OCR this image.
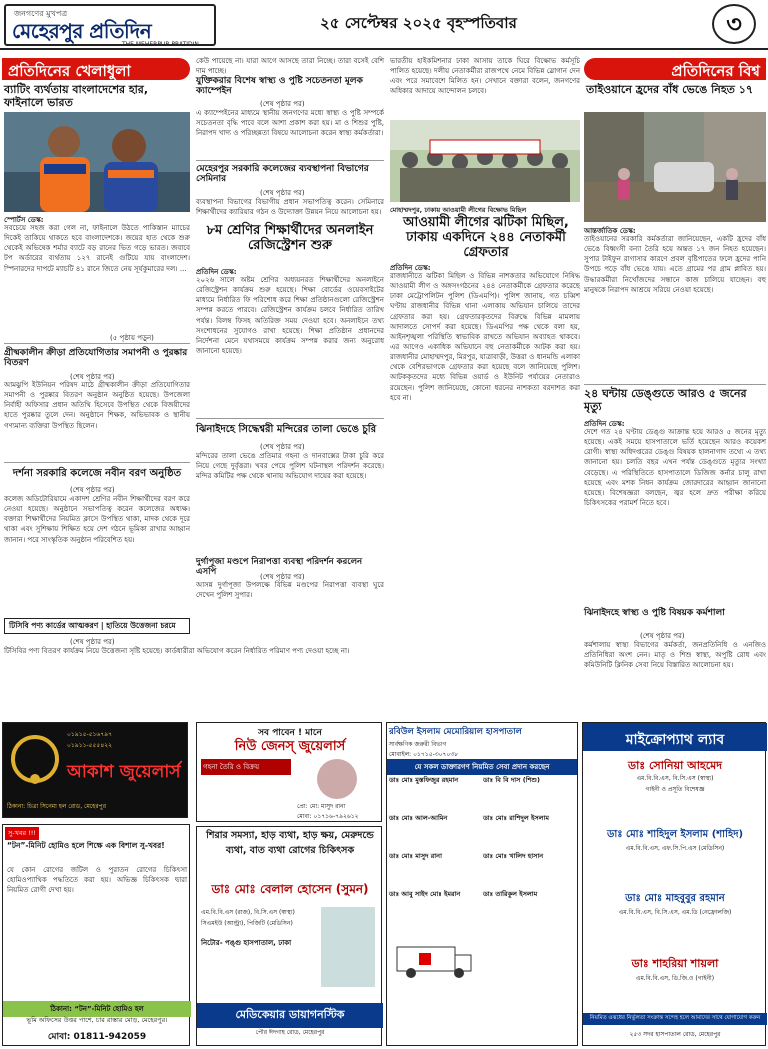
জনগণের মুখপত্র
মেহেরপুর প্রতিদিন
THE MEHERPUR PRATIDIN
২৫ সেপ্টেম্বর ২০২৫ বৃহস্পতিবার	৩
প্রতিদিনের খেলাধুলা
ব্যাটিং ব্যর্থতায় বাংলাদেশের হার, ফাইনালে ভারত
স্পোর্টস ডেস্ক:
সবচেয়ে সহজ করা গেল না, ফাইনালে উঠতে পাকিস্তান ম্যাচের দিকেই তাকিয়ে থাকতে হবে বাংলাদেশকে। জয়ের হাত থেকে শুরু থেকেই অভিষেক শর্মার ব্যাটে বড় রানের ভিত গড়ে ভারত। জবাবে টপ অর্ডারের ব্যর্থতায় ১২৭ রানেই গুটিয়ে যায় বাংলাদেশ। স্পিনারদের দাপটে ম্যাচটি ৪১ রানে জিতে নেয় সূর্যকুমারের দল। ...
(৫ পৃষ্ঠায় পড়ুন)
গ্রীষ্মকালীন ক্রীড়া প্রতিযোগিতার সমাপনী ও পুরষ্কার বিতরণ
(শেষ পৃষ্ঠার পর)
আমঝুপি ইউনিয়ন পরিষদ মাঠে গ্রীষ্মকালীন ক্রীড়া প্রতিযোগিতার সমাপনী ও পুরষ্কার বিতরণ অনুষ্ঠান অনুষ্ঠিত হয়েছে। উপজেলা নির্বাহী অফিসার প্রধান অতিথি হিসেবে উপস্থিত থেকে বিজয়ীদের হাতে পুরষ্কার তুলে দেন। অনুষ্ঠানে শিক্ষক, অভিভাবক ও স্থানীয় গণ্যমান্য ব্যক্তিরা উপস্থিত ছিলেন।
দর্শনা সরকারি কলেজে নবীন বরণ অনুষ্ঠিত
(শেষ পৃষ্ঠার পর)
কলেজ অডিটোরিয়ামে একাদশ শ্রেণির নবীন শিক্ষার্থীদের বরণ করে নেওয়া হয়েছে। অনুষ্ঠানে সভাপতিত্ব করেন কলেজের অধ্যক্ষ। বক্তারা শিক্ষার্থীদের নিয়মিত ক্লাসে উপস্থিত থাকা, মাদক থেকে দূরে থাকা এবং সুশিক্ষায় শিক্ষিত হয়ে দেশ গঠনে ভূমিকা রাখার আহ্বান জানান। পরে সাংস্কৃতিক অনুষ্ঠান পরিবেশিত হয়।
কেউ পায়েছে না। যারা আগে আসছে তারা নিচ্ছে। তারা বসেই বেশি দাম পাচ্ছে।
যুক্তিকরার বিশেষ স্বাস্থ্য ও পুষ্টি সচেতনতা মূলক ক্যাম্পেইন
(শেষ পৃষ্ঠার পর)
এ ক্যাম্পেইনের মাধ্যমে স্থানীয় জনগণের মধ্যে স্বাস্থ্য ও পুষ্টি সম্পর্কে সচেতনতা বৃদ্ধি পাবে বলে আশা প্রকাশ করা হয়। মা ও শিশুর পুষ্টি, নিরাপদ খাদ্য ও পরিচ্ছন্নতা বিষয়ে আলোচনা করেন স্বাস্থ্য কর্মকর্তারা।
মেহেরপুর সরকারি কলেজের ব্যবস্থাপনা বিভাগের সেমিনার
(শেষ পৃষ্ঠার পর)
ব্যবস্থাপনা বিভাগের বিভাগীয় প্রধান সভাপতিত্ব করেন। সেমিনারে শিক্ষার্থীদের ক্যারিয়ার গঠন ও উদ্যোক্তা উন্নয়ন নিয়ে আলোচনা হয়।
৮ম শ্রেণির শিক্ষার্থীদের অনলাইন রেজিস্ট্রেশন শুরু
প্রতিদিন ডেস্ক:
২০২৬ সালে অষ্টম শ্রেণির অধ্যয়নরত শিক্ষার্থীদের অনলাইনে রেজিস্ট্রেশন কার্যক্রম শুরু হয়েছে। শিক্ষা বোর্ডের ওয়েবসাইটের মাধ্যমে নির্ধারিত ফি পরিশোধ করে শিক্ষা প্রতিষ্ঠানগুলো রেজিস্ট্রেশন সম্পন্ন করতে পারবে। রেজিস্ট্রেশন কার্যক্রম চলবে নির্ধারিত তারিখ পর্যন্ত। বিলম্ব ফিসহ অতিরিক্ত সময় দেওয়া হবে। অনলাইনে তথ্য সংশোধনের সুযোগও রাখা হয়েছে। শিক্ষা প্রতিষ্ঠান প্রধানদের নির্দেশনা মেনে যথাসময়ে কার্যক্রম সম্পন্ন করার জন্য অনুরোধ জানানো হয়েছে।
ঝিনাইদহে সিদ্ধেশ্বরী মন্দিরের তালা ভেঙে চুরি
(শেষ পৃষ্ঠার পর)
মন্দিরের তালা ভেঙে প্রতিমার গহনা ও দানবাক্সের টাকা চুরি করে নিয়ে গেছে দুর্বৃত্তরা। খবর পেয়ে পুলিশ ঘটনাস্থল পরিদর্শন করেছে। মন্দির কমিটির পক্ষ থেকে থানায় অভিযোগ দায়ের করা হয়েছে।
দুর্গাপূজা মণ্ডপে নিরাপত্তা ব্যবস্থা পরিদর্শন করলেন এসপি
(শেষ পৃষ্ঠার পর)
আসন্ন দুর্গাপূজা উপলক্ষে বিভিন্ন মণ্ডপের নিরাপত্তা ব্যবস্থা ঘুরে দেখেন পুলিশ সুপার।
টিসিবি পণ্য কার্ডের আত্মকরণ | হাতিয়ে উত্তেজনা চরমে
(শেষ পৃষ্ঠার পর)
টিসিবির পণ্য বিতরণ কার্যক্রম নিয়ে উত্তেজনা সৃষ্টি হয়েছে। কার্ডধারীরা অভিযোগ করেন নির্ধারিত পরিমাণ পণ্য দেওয়া হচ্ছে না।
ভারতীয় হাইকমিশনার ঢাকা আসায় তাকে ঘিরে বিক্ষোভ কর্মসূচি পালিত হয়েছে। দলীয় নেতাকর্মীরা রাজপথে নেমে বিভিন্ন স্লোগান দেন এবং পরে সমাবেশে মিলিত হন। সেখানে বক্তারা বলেন, জনগণের অধিকার আদায়ে আন্দোলন চলবে।
মোহাম্মদপুর, ঢাকায় আওয়ামী লীগের বিক্ষোভ মিছিল
আওয়ামী লীগের ঝটিকা মিছিল, ঢাকায় একদিনে ২৪৪ নেতাকর্মী গ্রেফতার
প্রতিদিন ডেস্ক:
রাজধানীতে ঝটিকা মিছিল ও বিভিন্ন নাশকতার অভিযোগে নিষিদ্ধ আওয়ামী লীগ ও অঙ্গসংগঠনের ২৪৪ নেতাকর্মীকে গ্রেফতার করেছে ঢাকা মেট্রোপলিটন পুলিশ (ডিএমপি)। পুলিশ জানায়, গত চব্বিশ ঘণ্টায় রাজধানীর বিভিন্ন থানা এলাকায় অভিযান চালিয়ে তাদের গ্রেফতার করা হয়। গ্রেফতারকৃতদের বিরুদ্ধে বিভিন্ন মামলায় আদালতে সোপর্দ করা হয়েছে। ডিএমপির পক্ষ থেকে বলা হয়, আইনশৃঙ্খলা পরিস্থিতি স্বাভাবিক রাখতে অভিযান অব্যাহত থাকবে। এর আগেও একাধিক অভিযানে বহু নেতাকর্মীকে আটক করা হয়। রাজধানীর মোহাম্মদপুর, মিরপুর, যাত্রাবাড়ী, উত্তরা ও ধানমন্ডি এলাকা থেকে বেশিরভাগকে গ্রেফতার করা হয়েছে বলে জানিয়েছে পুলিশ। আটককৃতদের মধ্যে বিভিন্ন ওয়ার্ড ও ইউনিট পর্যায়ের নেতারাও রয়েছেন। পুলিশ জানিয়েছে, কোনো ধরনের নাশকতা বরদাশত করা হবে না।
প্রতিদিনের বিশ্ব
তাইওয়ানে হ্রদের বাঁধ ভেঙে নিহত ১৭
আন্তর্জাতিক ডেস্ক:
তাইওয়ানের সরকারি কর্মকর্তারা জানিয়েছেন, একটি হ্রদের বাঁধ ভেঙে বিধ্বংসী বন্যা তৈরি হয়ে অন্তত ১৭ জন নিহত হয়েছেন। সুপার টাইফুন রাগাসার কারণে প্রবল বৃষ্টিপাতের ফলে হ্রদের পানি উপচে পড়ে বাঁধ ভেঙে যায়। এতে গ্রামের পর গ্রাম প্লাবিত হয়। উদ্ধারকর্মীরা নিখোঁজদের সন্ধানে কাজ চালিয়ে যাচ্ছেন। বহু মানুষকে নিরাপদ আশ্রয়ে সরিয়ে নেওয়া হয়েছে।
২৪ ঘন্টায় ডেঙ্গুতে আরও ৫ জনের মৃত্যু
প্রতিদিন ডেস্ক:
দেশে গত ২৪ ঘণ্টায় ডেঙ্গু আক্রান্ত হয়ে আরও ৫ জনের মৃত্যু হয়েছে। একই সময়ে হাসপাতালে ভর্তি হয়েছেন আরও কয়েকশ রোগী। স্বাস্থ্য অধিদপ্তরের ডেঙ্গু বিষয়ক হালনাগাদ তথ্যে এ তথ্য জানানো হয়। চলতি বছর এখন পর্যন্ত ডেঙ্গুতে মৃত্যুর সংখ্যা বেড়েছে। এ পরিস্থিতিতে হাসপাতালে ডিজিজ কর্নার চালু রাখা হয়েছে এবং মশক নিধন কার্যক্রম জোরদারের আহ্বান জানানো হয়েছে। বিশেষজ্ঞরা বলছেন, জ্বর হলে দ্রুত পরীক্ষা করিয়ে চিকিৎসকের পরামর্শ নিতে হবে।
ঝিনাইদহে স্বাস্থ্য ও পুষ্টি বিষয়ক কর্মশালা
(শেষ পৃষ্ঠার পর)
কর্মশালায় স্বাস্থ্য বিভাগের কর্মকর্তা, জনপ্রতিনিধি ও এনজিও প্রতিনিধিরা অংশ নেন। মাতৃ ও শিশু স্বাস্থ্য, অপুষ্টি রোধ এবং কমিউনিটি ক্লিনিক সেবা নিয়ে বিস্তারিত আলোচনা হয়।
০১৯১৫-৫১৬৭৯৭
০১৯১১-৫৫৫৪২২
আকাশ জুয়েলার্স
ঠিকানা: চিত্রা সিনেমা হল রোড, মেহেরপুর
সব পাবেন ! মানে
নিউ জেনস্ জুয়েলার্স
গহনা তৈরি ও বিক্রয়
প্রো: মো: মাসুদ রানা
মোবা: ০১৭১৬-৭৯২৬১২
রবিউল ইসলাম মেমোরিয়াল হাসপাতাল
সার্বক্ষণিক জরুরী বিভাগ
মোবাইল: ০১৭১৫-৩০৭০৩৮
যে সকল ডাক্তারগণ নিয়মিত সেবা প্রদান করছেন
ডাঃ মোঃ মুস্তফিজুর রহমান	ডাঃ বি বি দাস (শিশু)
ডাঃ মোঃ আল-আমিন	ডাঃ মোঃ রাশিদুল ইসলাম
ডাঃ মোঃ মাসুদ রানা	ডাঃ মোঃ খালিদ হাসান
ডাঃ আবু সাইদ মোঃ ইমরান	ডাঃ তারিকুল ইসলাম
মাইক্রোপ্যাথ ল্যাব
ডাঃ সোনিয়া আহমেদ
এম.বি.বি.এস, বি.সি.এস (স্বাস্থ্য)
গাইনী ও প্রসূতি বিশেষজ্ঞ
ডাঃ মোঃ শাহিদুল ইসলাম (শাহিদ)
এম.বি.বি.এস, এফ.সি.পি.এস (মেডিসিন)
ডাঃ মোঃ মাহবুবুর রহমান
এম.বি.বি.এস, বি.সি.এস, এম.ডি (নেফ্রোলজি)
ডাঃ শাহরিয়া শায়লা
এম.বি.বি.এস, ডি.জি.ও (গাইনী)
নিয়মিত ওঝধের নির্ভুলতা সংক্রান্ত সন্দেহ হলে আমাদের সাথে যোগাযোগ করুন
২৫৩ সদর হাসপাতাল রোড, মেহেরপুর
সু-খবর !!!
“টন”-মিনিট হোমিও হলে শিক্ষে এক বিশাল সু-খবর!
যে কোন রোগের জটিল ও পুরাতন রোগের চিকিৎসা হোমিওপ্যাথিক পদ্ধতিতে করা হয়। অভিজ্ঞ চিকিৎসক দ্বারা নিয়মিত রোগী দেখা হয়।
ঠিকানা: “টন”-মিনিট হোমিও হল
ভূমি অফিসের উত্তর পাশে, চার রাস্তার মোড়, মেহেরপুর।
মোবা: 01811-942059
শিরার সমস্যা, হাড় ব্যথা, হাড় ক্ষয়, মেরুদন্ডে ব্যথা, বাত ব্যথা রোগের চিকিৎসক
ডাঃ মোঃ বেলাল হোসেন (সুমন)
এম.বি.বি.এস (রাজ), বি.সি.এস (স্বাস্থ্য)
সিএমইউ (আল্ট্রা), পিজিটি (মেডিসিন)
নিটোর- পঙ্গু হাসপাতাল, ঢাকা
মেডিকেয়ার ডায়াগনস্টিক
পৌর ঈদগাহ রোড, মেহেরপুর
